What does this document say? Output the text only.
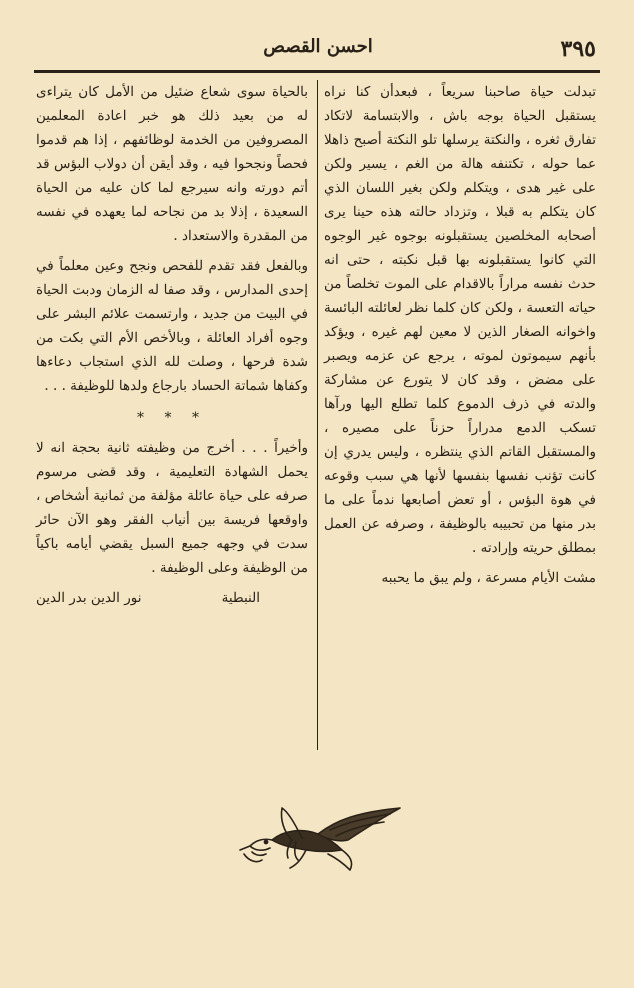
٣٩٥
احسن القصص

تبدلت حياة صاحبنا سريعاً ، فبعدأن كنا نراه يستقبل الحياة بوجه باش ، والابتسامة لاتكاد تفارق ثغره ، والنكتة يرسلها تلو النكتة أصبح ذاهلا عما حوله ، تكتنفه هالة من الغم ، يسير ولكن على غير هدى ، ويتكلم ولكن بغير اللسان الذي كان يتكلم به قبلا ، وتزداد حالته هذه حينا يرى أصحابه المخلصين يستقبلونه بوجوه غير الوجوه التي كانوا يستقبلونه بها قبل نكبته ، حتى انه حدث نفسه مراراً بالاقدام على الموت تخلصاً من حياته التعسة ، ولكن كان كلما نظر لعائلته البائسة واخوانه الصغار الذين لا معين لهم غيره ، ويؤكد بأنهم سيموتون لموته ، يرجع عن عزمه ويصبر على مضض ، وقد كان لا يتورع عن مشاركة والدته في ذرف الدموع كلما تطلع اليها ورآها تسكب الدمع مدراراً حزناً على مصيره ، والمستقبل القاتم الذي ينتظره ، وليس يدري إن كانت تؤنب نفسها بنفسها لأنها هي سبب وقوعه في هوة البؤس ، أو تعض أصابعها ندماً على ما بدر منها من تحبيبه بالوظيفة ، وصرفه عن العمل بمطلق حريته وإرادته .

مشت الأيام مسرعة ، ولم يبق ما يحببه

بالحياة سوى شعاع ضئيل من الأمل كان يتراءى له من بعيد ذلك هو خبر اعادة المعلمين المصروفين من الخدمة لوظائفهم ، إذا هم قدموا فحصاً ونجحوا فيه ، وقد أيقن أن دولاب البؤس قد أتم دورته وانه سيرجع لما كان عليه من الحياة السعيدة ، إذلا بد من نجاحه لما يعهده في نفسه من المقدرة والاستعداد .

وبالفعل فقد تقدم للفحص ونجح وعين معلماً في إحدى المدارس ، وقد صفا له الزمان ودبت الحياة في البيت من جديد ، وارتسمت علائم البشر على وجوه أفراد العائلة ، وبالأخص الأم التي بكت من شدة فرحها ، وصلت لله الذي استجاب دعاءها وكفاها شماتة الحساد بارجاع ولدها للوظيفة . . .

* * *

وأخيراً . . . أخرج من وظيفته ثانية بحجة انه لا يحمل الشهادة التعليمية ، وقد قضى مرسوم صرفه على حياة عائلة مؤلفة من ثمانية أشخاص ، واوقعها فريسة بين أنياب الفقر وهو الآن حائر سدت في وجهه جميع السبل يقضي أيامه باكياً من الوظيفة وعلى الوظيفة .

النبطية
نور الدين بدر الدين
